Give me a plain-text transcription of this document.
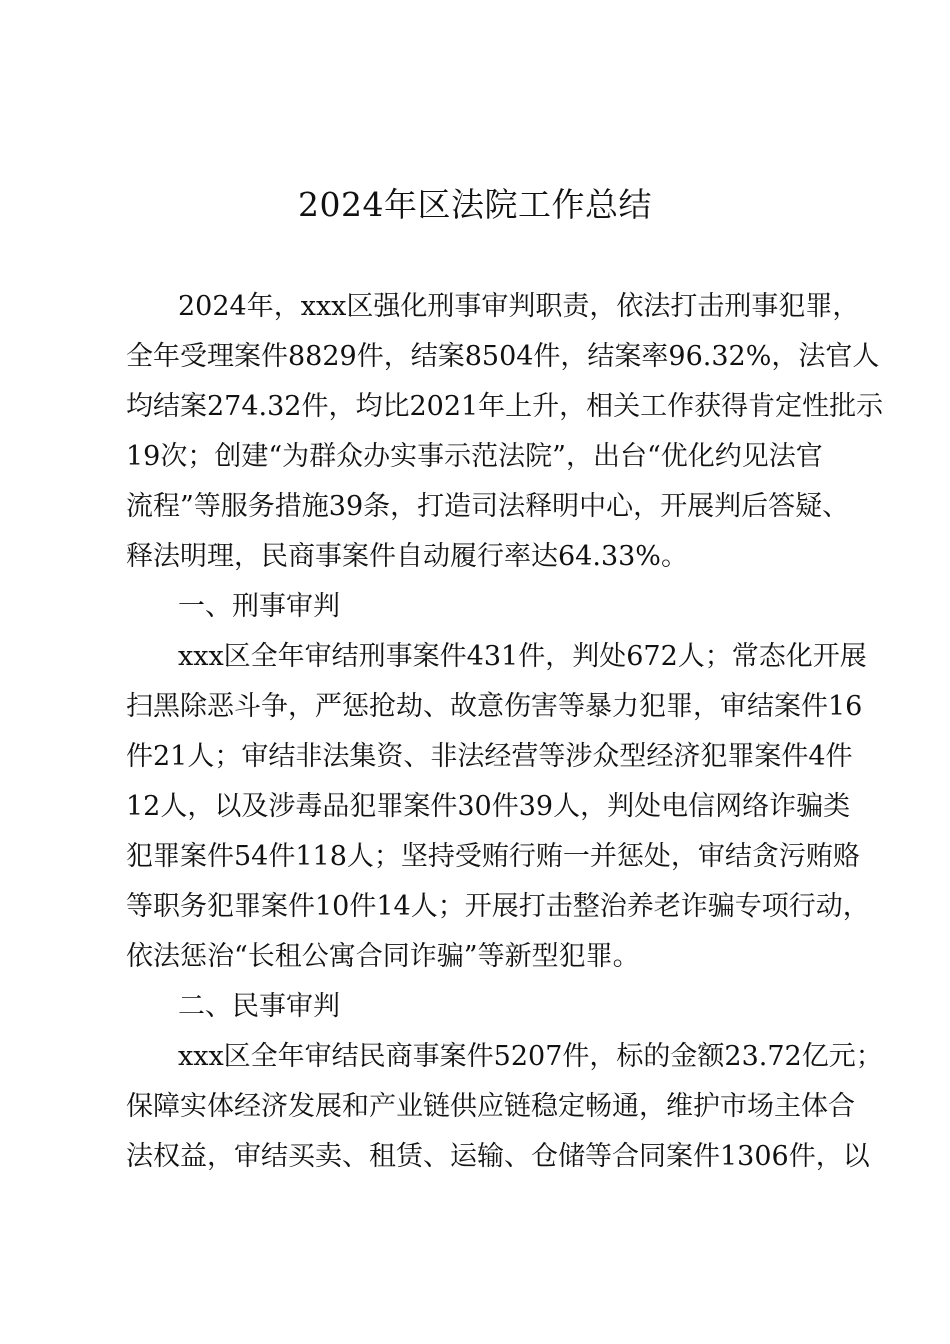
2024年区法院工作总结

2024年，xxx区强化刑事审判职责，依法打击刑事犯罪，

全年受理案件8829件，结案8504件，结案率96.32%，法官人

均结案274.32件，均比2021年上升，相关工作获得肯定性批示

19次；创建“为群众办实事示范法院”，出台“优化约见法官

流程”等服务措施39条，打造司法释明中心，开展判后答疑、

释法明理，民商事案件自动履行率达64.33%。

一、刑事审判

xxx区全年审结刑事案件431件，判处672人；常态化开展

扫黑除恶斗争，严惩抢劫、故意伤害等暴力犯罪，审结案件16

件21人；审结非法集资、非法经营等涉众型经济犯罪案件4件

12人，以及涉毒品犯罪案件30件39人，判处电信网络诈骗类

犯罪案件54件118人；坚持受贿行贿一并惩处，审结贪污贿赂

等职务犯罪案件10件14人；开展打击整治养老诈骗专项行动，

依法惩治“长租公寓合同诈骗”等新型犯罪。

二、民事审判

xxx区全年审结民商事案件5207件，标的金额23.72亿元；

保障实体经济发展和产业链供应链稳定畅通，维护市场主体合

法权益，审结买卖、租赁、运输、仓储等合同案件1306件，以
